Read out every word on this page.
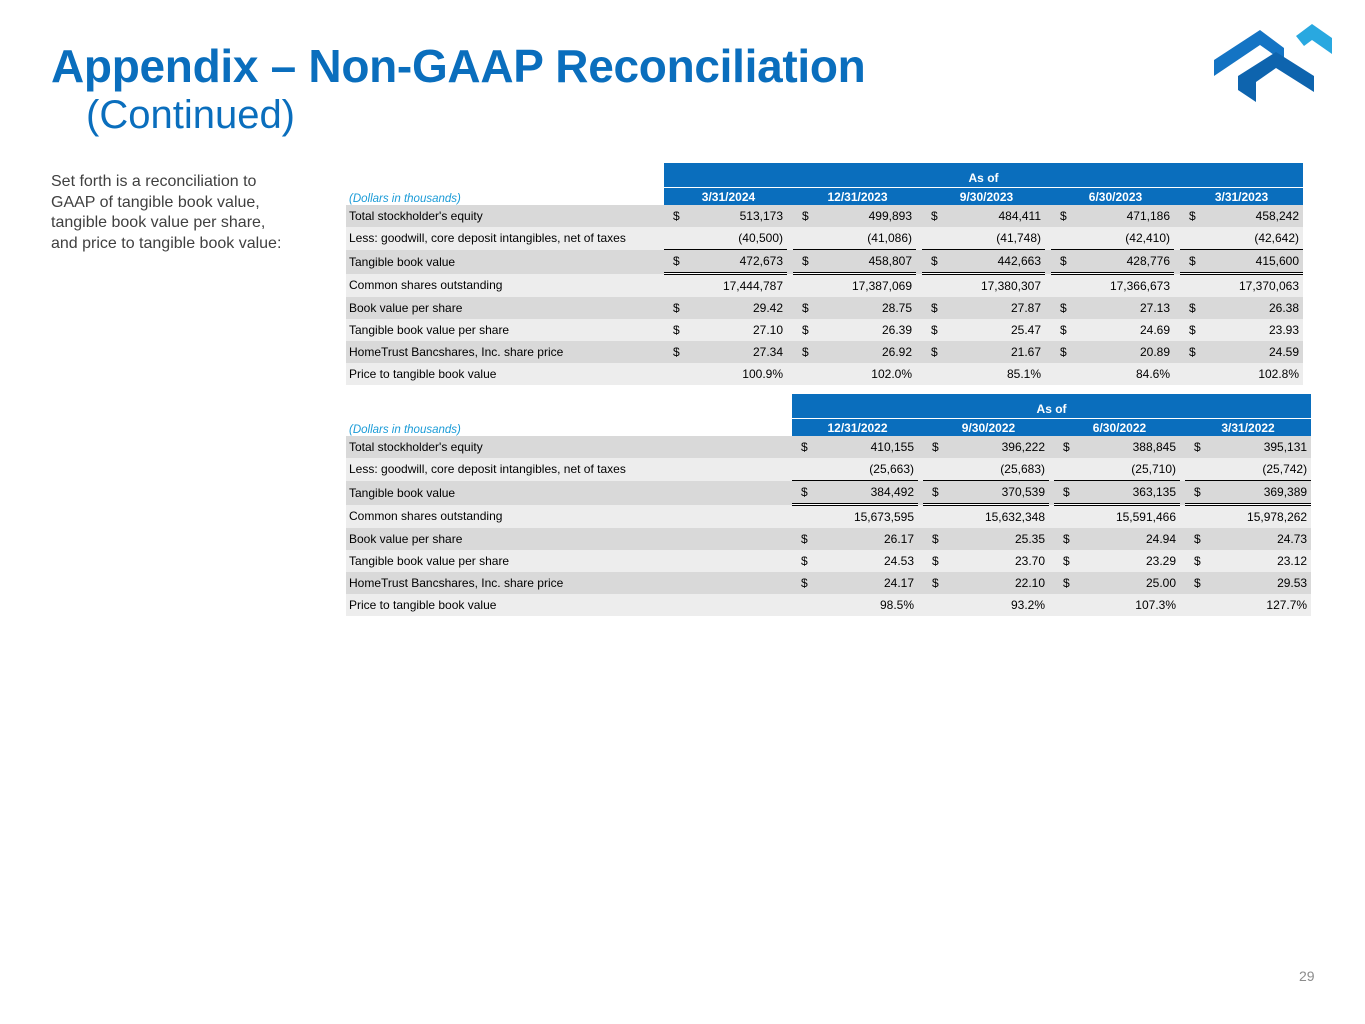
Appendix – Non-GAAP Reconciliation
(Continued)
Set forth is a reconciliation to GAAP of tangible book value, tangible book value per share, and price to tangible book value:
	As of													
(Dollars in thousands)	3/31/2024			12/31/2023			9/30/2023			6/30/2023			3/31/2023	
Total stockholder's equity	$	513,173		$	499,893		$	484,411		$	471,186		$	458,242
Less: goodwill, core deposit intangibles, net of taxes		(40,500)			(41,086)			(41,748)			(42,410)			(42,642)
Tangible book value	$	472,673		$	458,807		$	442,663		$	428,776		$	415,600
Common shares outstanding		17,444,787			17,387,069			17,380,307			17,366,673			17,370,063
Book value per share	$	29.42		$	28.75		$	27.87		$	27.13		$	26.38
Tangible book value per share	$	27.10		$	26.39		$	25.47		$	24.69		$	23.93
HomeTrust Bancshares, Inc. share price	$	27.34		$	26.92		$	21.67		$	20.89		$	24.59
Price to tangible book value		100.9%			102.0%			85.1%			84.6%			102.8%
	As of										
(Dollars in thousands)	12/31/2022			9/30/2022			6/30/2022			3/31/2022	
Total stockholder's equity	$	410,155		$	396,222		$	388,845		$	395,131
Less: goodwill, core deposit intangibles, net of taxes		(25,663)			(25,683)			(25,710)			(25,742)
Tangible book value	$	384,492		$	370,539		$	363,135		$	369,389
Common shares outstanding		15,673,595			15,632,348			15,591,466			15,978,262
Book value per share	$	26.17		$	25.35		$	24.94		$	24.73
Tangible book value per share	$	24.53		$	23.70		$	23.29		$	23.12
HomeTrust Bancshares, Inc. share price	$	24.17		$	22.10		$	25.00		$	29.53
Price to tangible book value		98.5%			93.2%			107.3%			127.7%
29
